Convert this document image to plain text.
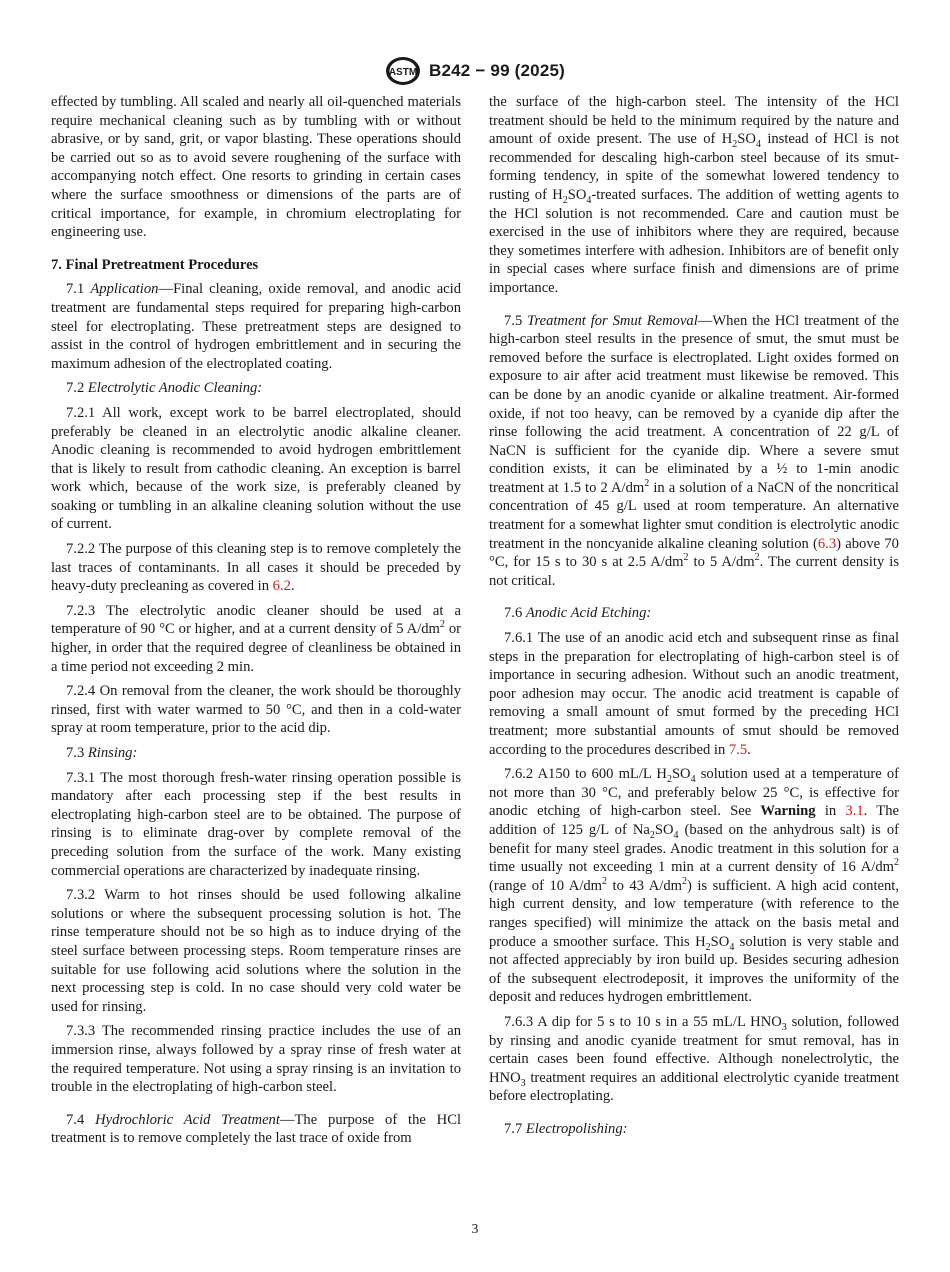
ASTM B242 − 99 (2025)

effected by tumbling. All scaled and nearly all oil-quenched materials require mechanical cleaning such as by tumbling with or without abrasive, or by sand, grit, or vapor blasting. These operations should be carried out so as to avoid severe roughening of the surface with accompanying notch effect. One resorts to grinding in certain cases where the surface smoothness or dimensions of the parts are of critical importance, for example, in chromium electroplating for engineering use.

7. Final Pretreatment Procedures

7.1 Application—Final cleaning, oxide removal, and anodic acid treatment are fundamental steps required for preparing high-carbon steel for electroplating. These pretreatment steps are designed to assist in the control of hydrogen embrittlement and in securing the maximum adhesion of the electroplated coating.

7.2 Electrolytic Anodic Cleaning:

7.2.1 All work, except work to be barrel electroplated, should preferably be cleaned in an electrolytic anodic alkaline cleaner. Anodic cleaning is recommended to avoid hydrogen embrittlement that is likely to result from cathodic cleaning. An exception is barrel work which, because of the work size, is preferably cleaned by soaking or tumbling in an alkaline cleaning solution without the use of current.

7.2.2 The purpose of this cleaning step is to remove completely the last traces of contaminants. In all cases it should be preceded by heavy-duty precleaning as covered in 6.2.

7.2.3 The electrolytic anodic cleaner should be used at a temperature of 90 °C or higher, and at a current density of 5 $A/dm^2$ or higher, in order that the required degree of cleanliness be obtained in a time period not exceeding 2 min.

7.2.4 On removal from the cleaner, the work should be thoroughly rinsed, first with water warmed to 50 °C, and then in a cold-water spray at room temperature, prior to the acid dip.

7.3 Rinsing:

7.3.1 The most thorough fresh-water rinsing operation possible is mandatory after each processing step if the best results in electroplating high-carbon steel are to be obtained. The purpose of rinsing is to eliminate drag-over by complete removal of the preceding solution from the surface of the work. Many existing commercial operations are characterized by inadequate rinsing.

7.3.2 Warm to hot rinses should be used following alkaline solutions or where the subsequent processing solution is hot. The rinse temperature should not be so high as to induce drying of the steel surface between processing steps. Room temperature rinses are suitable for use following acid solutions where the solution in the next processing step is cold. In no case should very cold water be used for rinsing.

7.3.3 The recommended rinsing practice includes the use of an immersion rinse, always followed by a spray rinse of fresh water at the required temperature. Not using a spray rinsing is an invitation to trouble in the electroplating of high-carbon steel.

7.4 Hydrochloric Acid Treatment—The purpose of the HCl treatment is to remove completely the last trace of oxide from

the surface of the high-carbon steel. The intensity of the HCl treatment should be held to the minimum required by the nature and amount of oxide present. The use of $H_2SO_4$ instead of HCl is not recommended for descaling high-carbon steel because of its smut-forming tendency, in spite of the somewhat lowered tendency to rusting of $H_2SO_4$-treated surfaces. The addition of wetting agents to the HCl solution is not recommended. Care and caution must be exercised in the use of inhibitors where they are required, because they sometimes interfere with adhesion. Inhibitors are of benefit only in special cases where surface finish and dimensions are of prime importance.

7.5 Treatment for Smut Removal—When the HCl treatment of the high-carbon steel results in the presence of smut, the smut must be removed before the surface is electroplated. Light oxides formed on exposure to air after acid treatment must likewise be removed. This can be done by an anodic cyanide or alkaline treatment. Air-formed oxide, if not too heavy, can be removed by a cyanide dip after the rinse following the acid treatment. A concentration of 22 g/L of NaCN is sufficient for the cyanide dip. Where a severe smut condition exists, it can be eliminated by a ½ to 1-min anodic treatment at 1.5 to 2 $A/dm^2$ in a solution of a NaCN of the noncritical concentration of 45 g/L used at room temperature. An alternative treatment for a somewhat lighter smut condition is electrolytic anodic treatment in the noncyanide alkaline cleaning solution (6.3) above 70 °C, for 15 s to 30 s at 2.5 $A/dm^2$ to 5 $A/dm^2$. The current density is not critical.

7.6 Anodic Acid Etching:

7.6.1 The use of an anodic acid etch and subsequent rinse as final steps in the preparation for electroplating of high-carbon steel is of importance in securing adhesion. Without such an anodic treatment, poor adhesion may occur. The anodic acid treatment is capable of removing a small amount of smut formed by the preceding HCl treatment; more substantial amounts of smut should be removed according to the procedures described in 7.5.

7.6.2 A150 to 600 mL/L $H_2SO_4$ solution used at a temperature of not more than 30 °C, and preferably below 25 °C, is effective for anodic etching of high-carbon steel. See Warning in 3.1. The addition of 125 g/L of $Na_2SO_4$ (based on the anhydrous salt) is of benefit for many steel grades. Anodic treatment in this solution for a time usually not exceeding 1 min at a current density of 16 $A/dm^2$ (range of 10 $A/dm^2$ to 43 $A/dm^2$) is sufficient. A high acid content, high current density, and low temperature (with reference to the ranges specified) will minimize the attack on the basis metal and produce a smoother surface. This $H_2SO_4$ solution is very stable and not affected appreciably by iron build up. Besides securing adhesion of the subsequent electrodeposit, it improves the uniformity of the deposit and reduces hydrogen embrittlement.

7.6.3 A dip for 5 s to 10 s in a 55 mL/L $HNO_3$ solution, followed by rinsing and anodic cyanide treatment for smut removal, has in certain cases been found effective. Although nonelectrolytic, the $HNO_3$ treatment requires an additional electrolytic cyanide treatment before electroplating.

7.7 Electropolishing:

3
